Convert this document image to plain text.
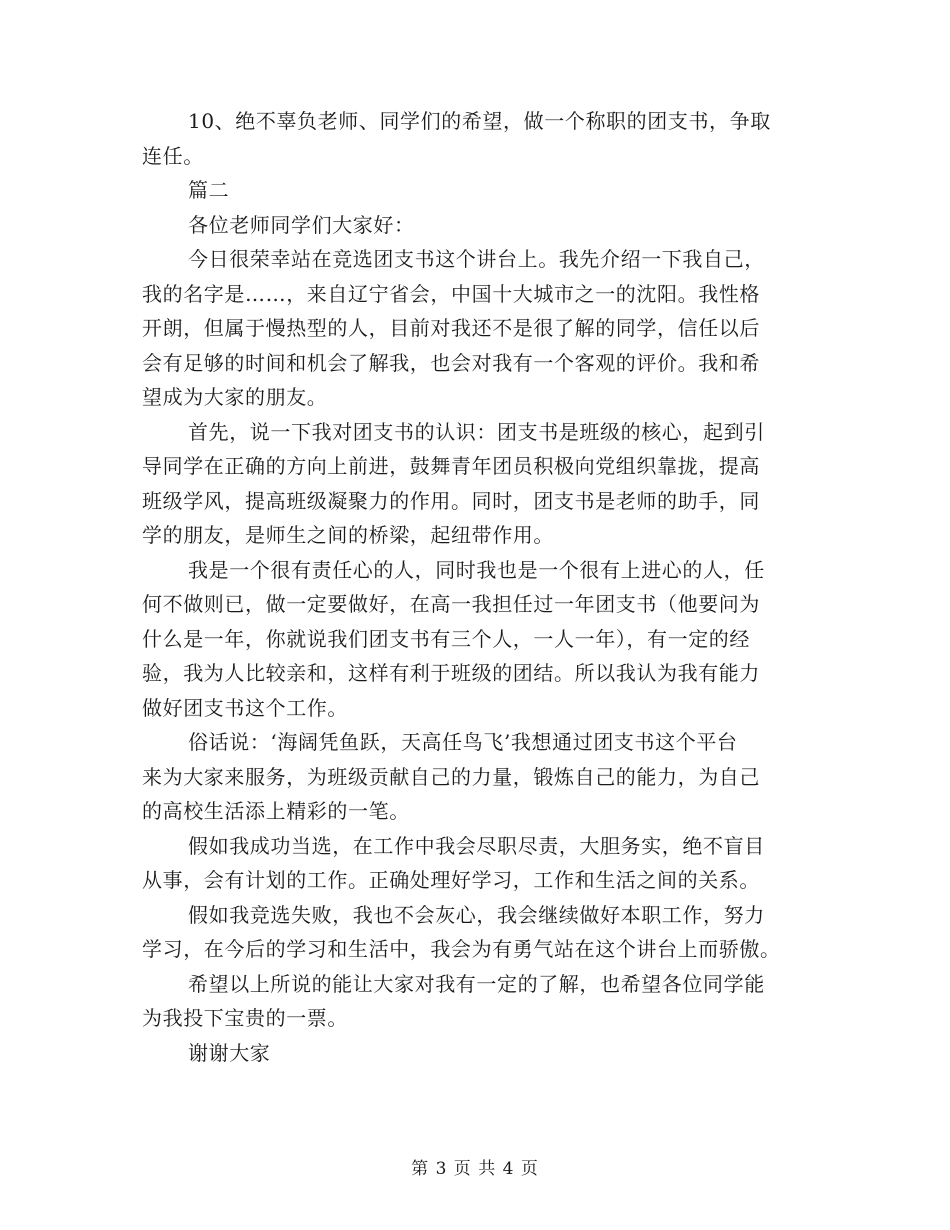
10、绝不辜负老师、同学们的希望，做一个称职的团支书，争取
连任。
篇二
各位老师同学们大家好：
今日很荣幸站在竞选团支书这个讲台上。我先介绍一下我自己，
我的名字是……，来自辽宁省会，中国十大城市之一的沈阳。我性格
开朗，但属于慢热型的人，目前对我还不是很了解的同学，信任以后
会有足够的时间和机会了解我，也会对我有一个客观的评价。我和希
望成为大家的朋友。
首先，说一下我对团支书的认识：团支书是班级的核心，起到引
导同学在正确的方向上前进，鼓舞青年团员积极向党组织靠拢，提高
班级学风，提高班级凝聚力的作用。同时，团支书是老师的助手，同
学的朋友，是师生之间的桥梁，起纽带作用。
我是一个很有责任心的人，同时我也是一个很有上进心的人，任
何不做则已，做一定要做好，在高一我担任过一年团支书（他要问为
什么是一年，你就说我们团支书有三个人，一人一年），有一定的经
验，我为人比较亲和，这样有利于班级的团结。所以我认为我有能力
做好团支书这个工作。
俗话说：‘海阔凭鱼跃，天高任鸟飞’我想通过团支书这个平台
来为大家来服务，为班级贡献自己的力量，锻炼自己的能力，为自己
的高校生活添上精彩的一笔。
假如我成功当选，在工作中我会尽职尽责，大胆务实，绝不盲目
从事，会有计划的工作。正确处理好学习，工作和生活之间的关系。
假如我竞选失败，我也不会灰心，我会继续做好本职工作，努力
学习，在今后的学习和生活中，我会为有勇气站在这个讲台上而骄傲。
希望以上所说的能让大家对我有一定的了解，也希望各位同学能
为我投下宝贵的一票。
谢谢大家
第 3 页 共 4 页
